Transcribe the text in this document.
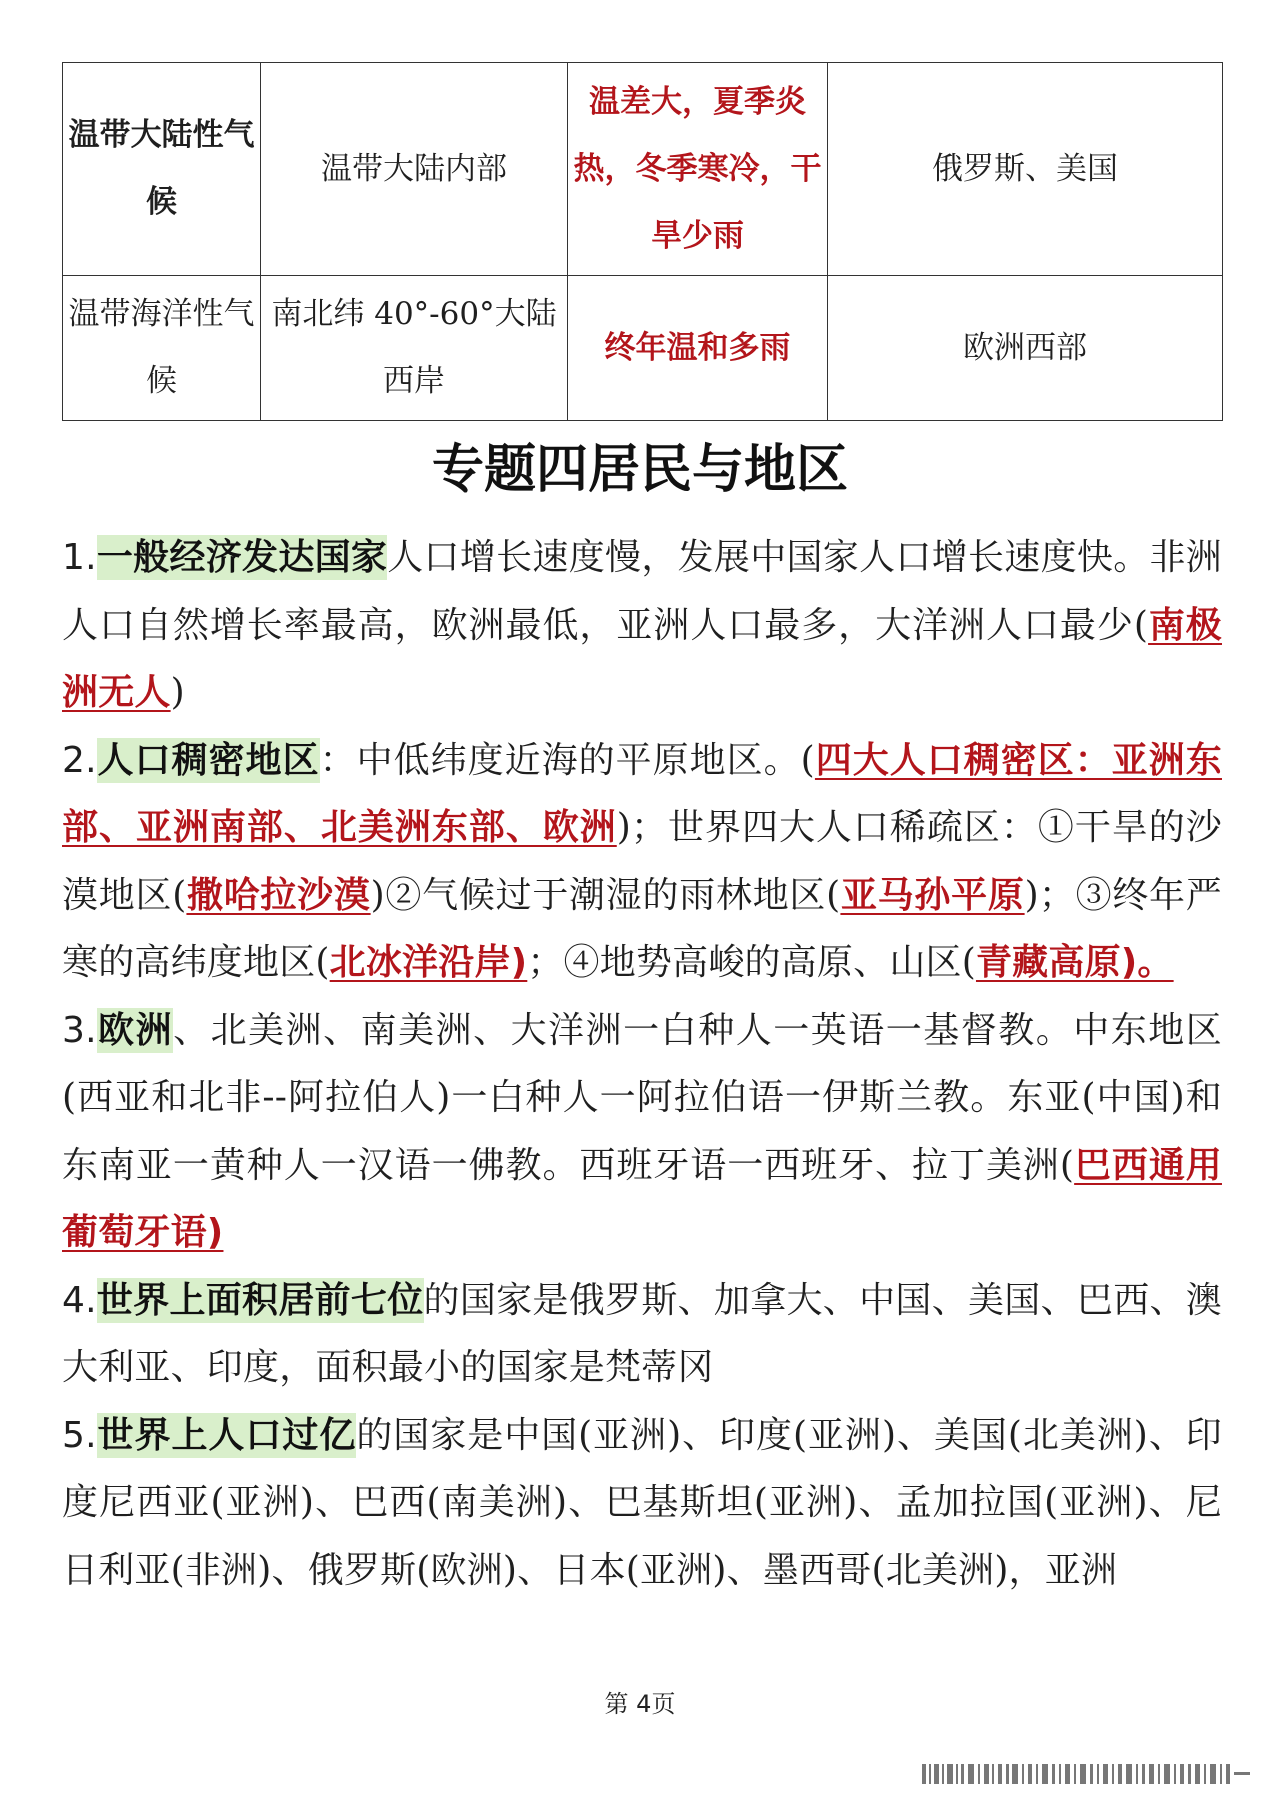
温带大陆性气候	温带大陆内部	温差大，夏季炎热，冬季寒冷，干旱少雨	俄罗斯、美国
温带海洋性气候	南北纬 40°-60°大陆西岸	终年温和多雨	欧洲西部
专题四居民与地区

1.一般经济发达国家人口增长速度慢，发展中国家人口增长速度快。非洲人口自然增长率最高，欧洲最低，亚洲人口最多，大洋洲人口最少(南极洲无人)

2.人口稠密地区：中低纬度近海的平原地区。(四大人口稠密区：亚洲东部、亚洲南部、北美洲东部、欧洲)；世界四大人口稀疏区：①干旱的沙漠地区(撒哈拉沙漠)②气候过于潮湿的雨林地区(亚马孙平原)；③终年严寒的高纬度地区(北冰洋沿岸)；④地势高峻的高原、山区(青藏高原)。

3.欧洲、北美洲、南美洲、大洋洲一白种人一英语一基督教。中东地区(西亚和北非--阿拉伯人)一白种人一阿拉伯语一伊斯兰教。东亚(中国)和东南亚一黄种人一汉语一佛教。西班牙语一西班牙、拉丁美洲(巴西通用葡萄牙语)

4.世界上面积居前七位的国家是俄罗斯、加拿大、中国、美国、巴西、澳大利亚、印度，面积最小的国家是梵蒂冈

5.世界上人口过亿的国家是中国(亚洲)、印度(亚洲)、美国(北美洲)、印度尼西亚(亚洲)、巴西(南美洲)、巴基斯坦(亚洲)、孟加拉国(亚洲)、尼日利亚(非洲)、俄罗斯(欧洲)、日本(亚洲)、墨西哥(北美洲)，亚洲

第 4页
